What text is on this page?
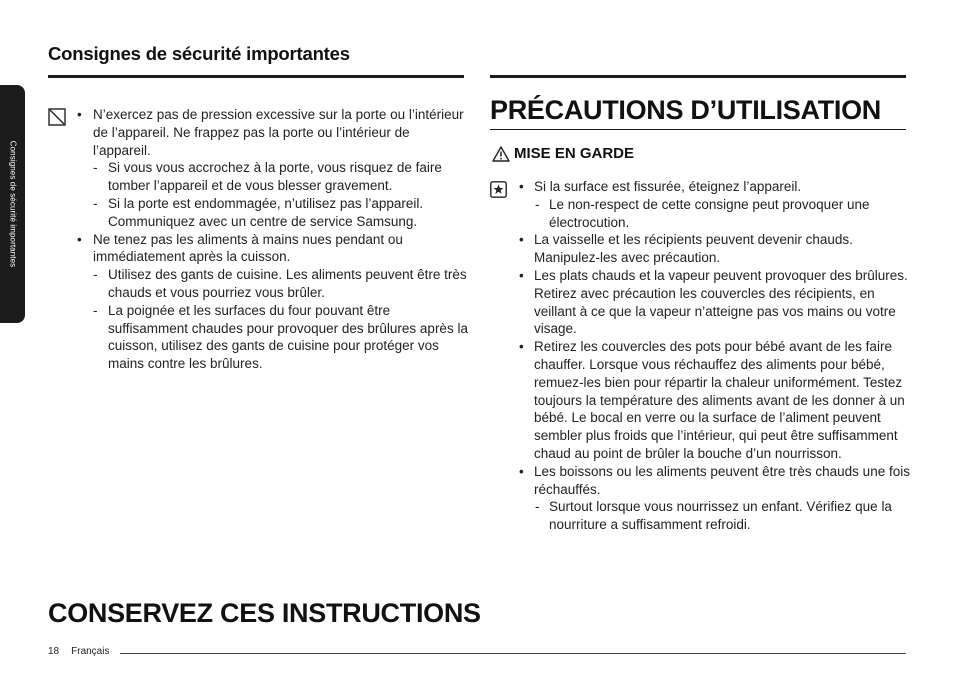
Consignes de sécurité importantes
Consignes de sécurité importantes
• N’exercez pas de pression excessive sur la porte ou l’intérieur de l’appareil. Ne frappez pas la porte ou l’intérieur de l’appareil.
- Si vous vous accrochez à la porte, vous risquez de faire tomber l’appareil et de vous blesser gravement.
- Si la porte est endommagée, n’utilisez pas l’appareil. Communiquez avec un centre de service Samsung.
• Ne tenez pas les aliments à mains nues pendant ou immédiatement après la cuisson.
- Utilisez des gants de cuisine. Les aliments peuvent être très chauds et vous pourriez vous brûler.
- La poignée et les surfaces du four pouvant être suffisamment chaudes pour provoquer des brûlures après la cuisson, utilisez des gants de cuisine pour protéger vos mains contre les brûlures.
PRÉCAUTIONS D’UTILISATION
MISE EN GARDE
• Si la surface est fissurée, éteignez l’appareil.
- Le non-respect de cette consigne peut provoquer une électrocution.
• La vaisselle et les récipients peuvent devenir chauds. Manipulez-les avec précaution.
• Les plats chauds et la vapeur peuvent provoquer des brûlures. Retirez avec précaution les couvercles des récipients, en veillant à ce que la vapeur n’atteigne pas vos mains ou votre visage.
• Retirez les couvercles des pots pour bébé avant de les faire chauffer. Lorsque vous réchauffez des aliments pour bébé, remuez-les bien pour répartir la chaleur uniformément. Testez toujours la température des aliments avant de les donner à un bébé. Le bocal en verre ou la surface de l’aliment peuvent sembler plus froids que l’intérieur, qui peut être suffisamment chaud au point de brûler la bouche d’un nourrisson.
• Les boissons ou les aliments peuvent être très chauds une fois réchauffés.
- Surtout lorsque vous nourrissez un enfant. Vérifiez que la nourriture a suffisamment refroidi.
CONSERVEZ CES INSTRUCTIONS
18 Français
